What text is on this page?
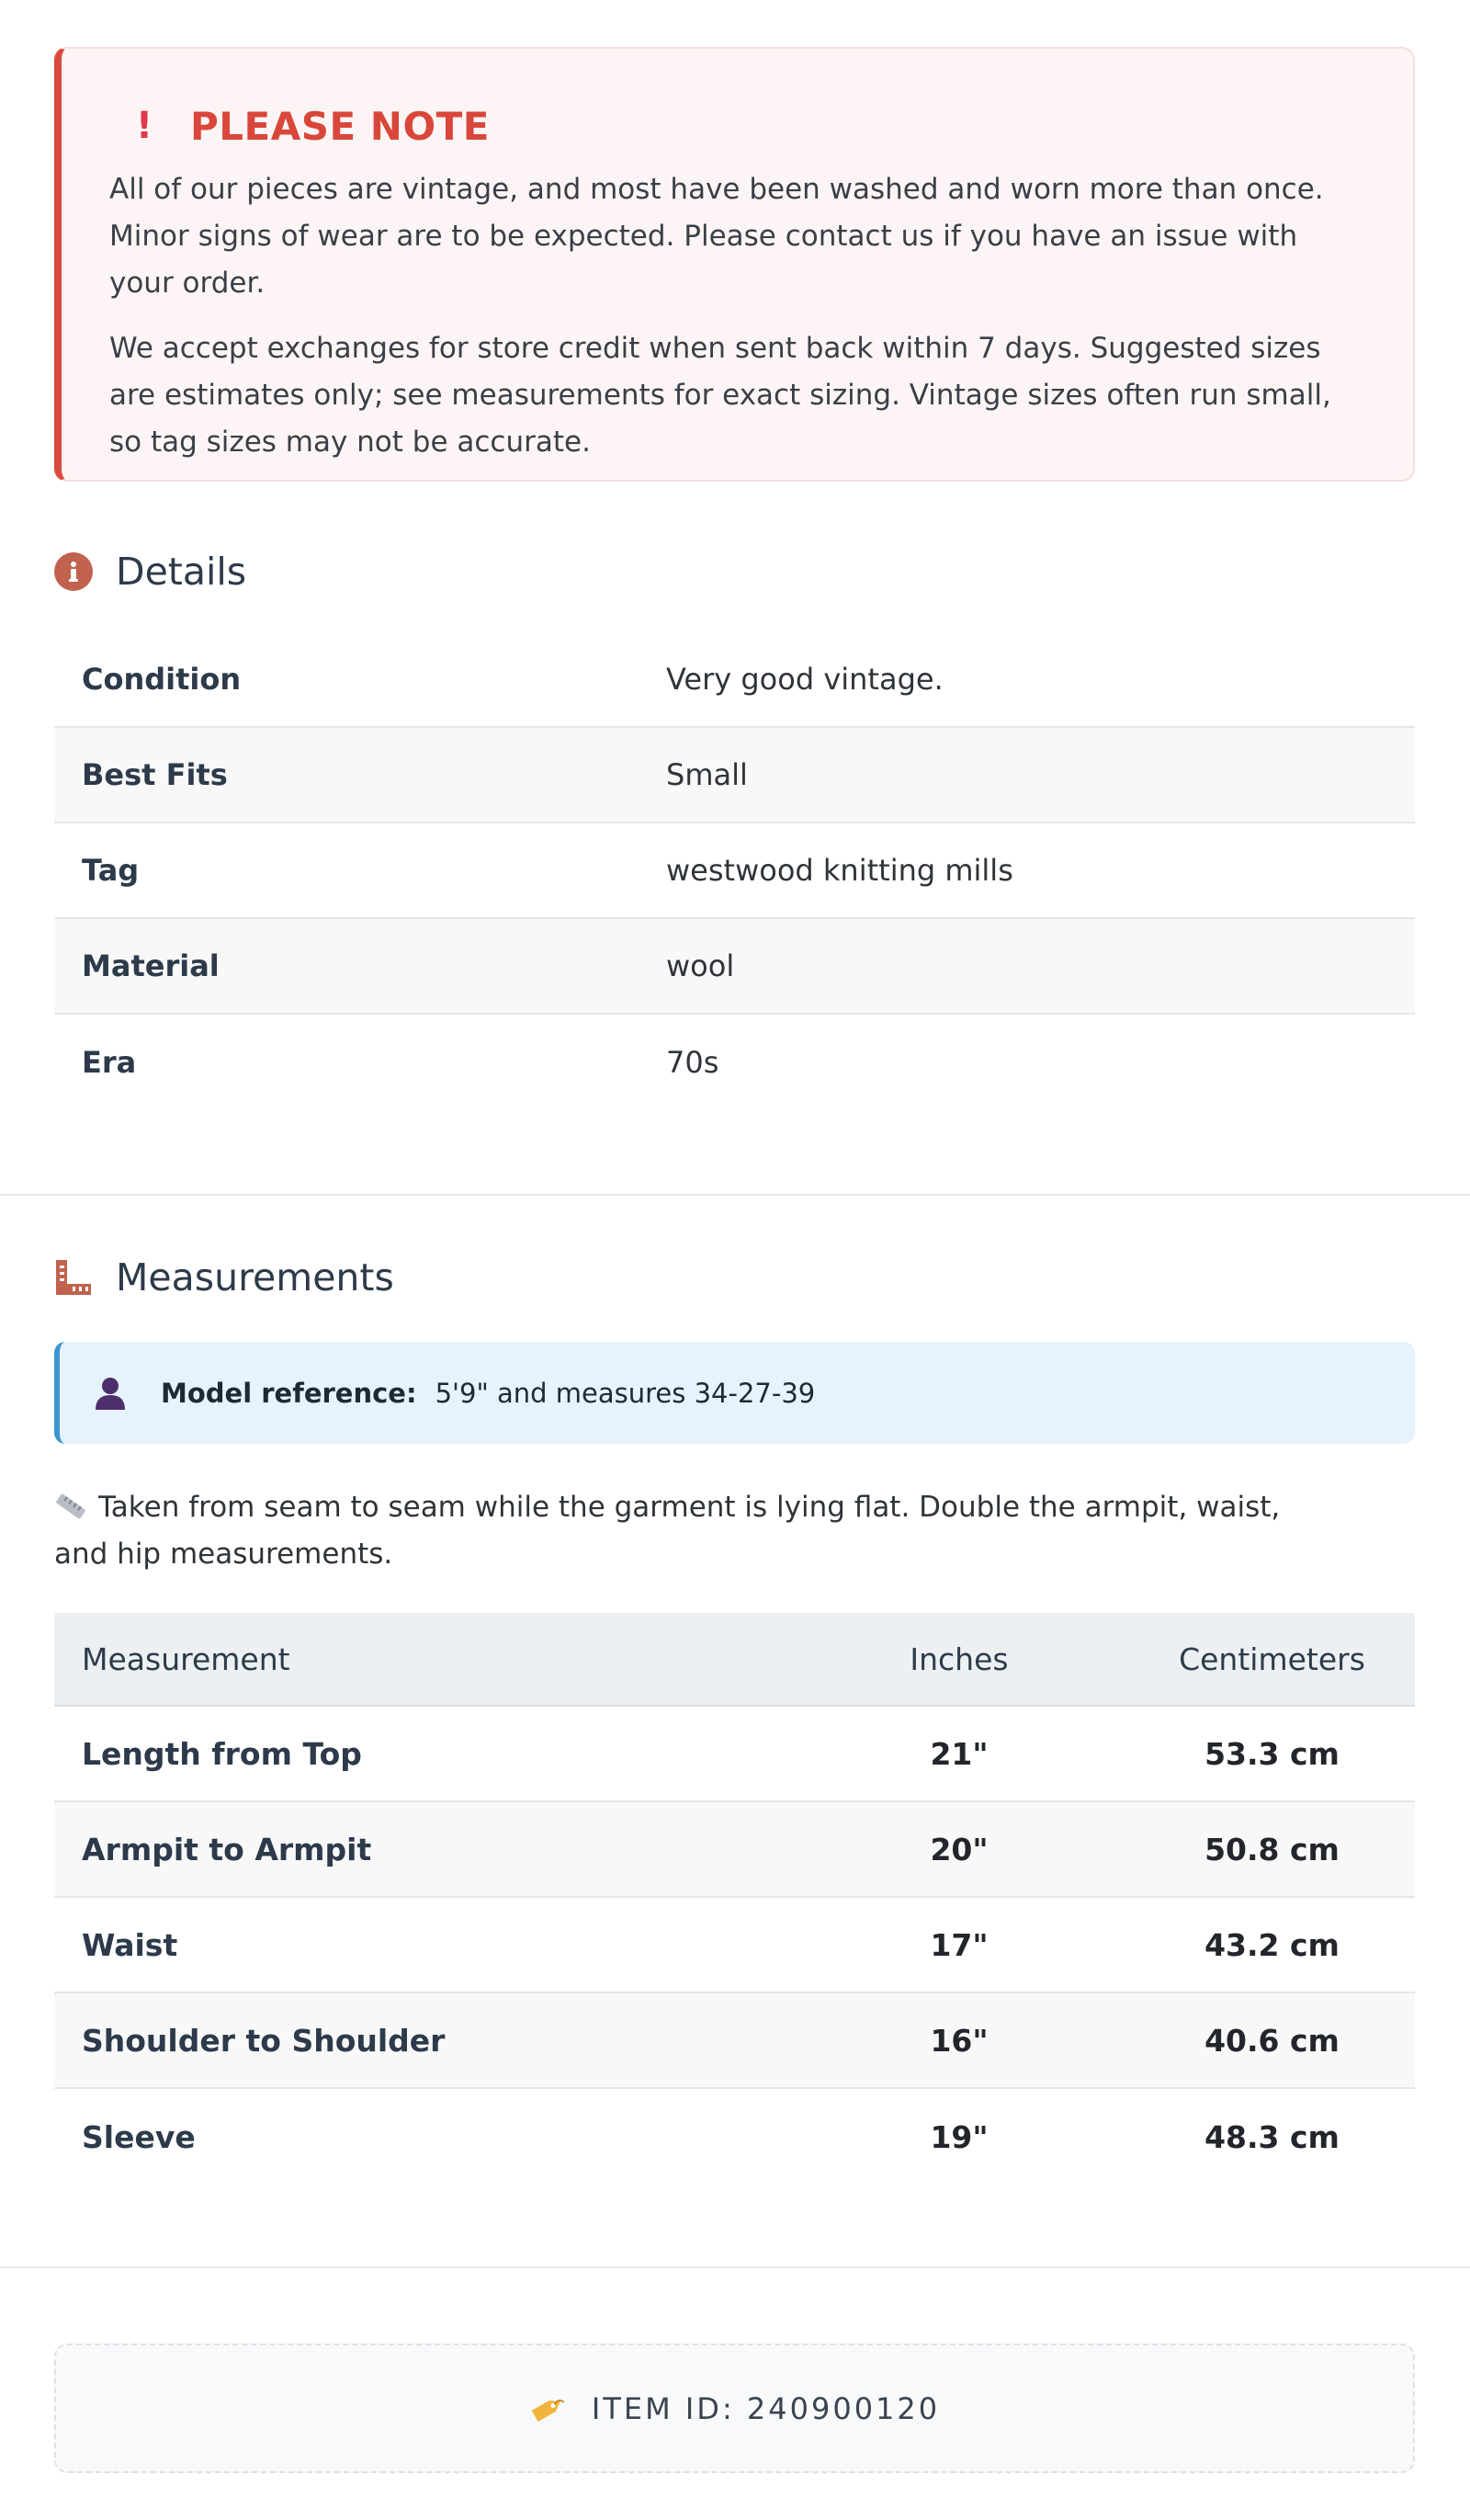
! PLEASE NOTE

All of our pieces are vintage, and most have been washed and worn more than once. Minor signs of wear are to be expected. Please contact us if you have an issue with your order.

We accept exchanges for store credit when sent back within 7 days. Suggested sizes are estimates only; see measurements for exact sizing. Vintage sizes often run small, so tag sizes may not be accurate.

Details
Condition	Very good vintage.
Best Fits	Small
Tag	westwood knitting mills
Material	wool
Era	70s
Measurements
Model reference: 5'9" and measures 34-27-39
Taken from seam to seam while the garment is lying flat. Double the armpit, waist, and hip measurements.
Measurement	Inches	Centimeters
Length from Top	21"	53.3 cm
Armpit to Armpit	20"	50.8 cm
Waist	17"	43.2 cm
Shoulder to Shoulder	16"	40.6 cm
Sleeve	19"	48.3 cm
ITEM ID: 240900120
